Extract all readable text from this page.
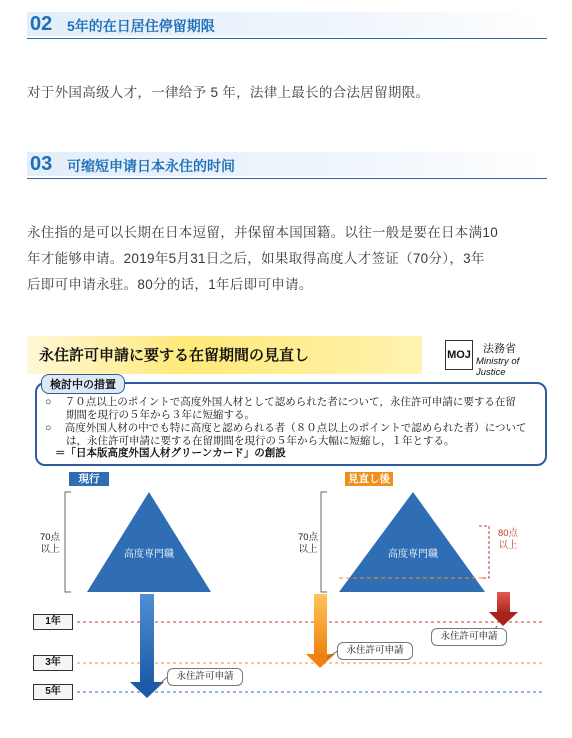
02 5年的在日居住停留期限
对于外国高级人才，一律给予 5 年，法律上最长的合法居留期限。
03 可缩短申请日本永住的时间
永住指的是可以长期在日本逗留，并保留本国国籍。以往一般是要在日本满10
年才能够申请。2019年5月31日之后，如果取得高度人才签证（70分），3年
后即可申请永驻。80分的话，1年后即可申请。
永住許可申請に要する在留期間の見直し	MOJ 法務省
Ministry of Justice
検討中の措置
○ 　７０点以上のポイントで高度外国人材として認められた者について，永住許可申請に要する在留
　　期間を現行の５年から３年に短縮する。
○ 　高度外国人材の中でも特に高度と認められる者（８０点以上のポイントで認められた者）について
　　は，永住許可申請に要する在留期間を現行の５年から大幅に短縮し，１年とする。
＝「日本版高度外国人材グリーンカード」の創設
現行	見直し後
高度専門職	高度専門職
70点
以上
70点
以上
80点
以上
1年
3年
5年
永住許可申請
永住許可申請
永住許可申請
